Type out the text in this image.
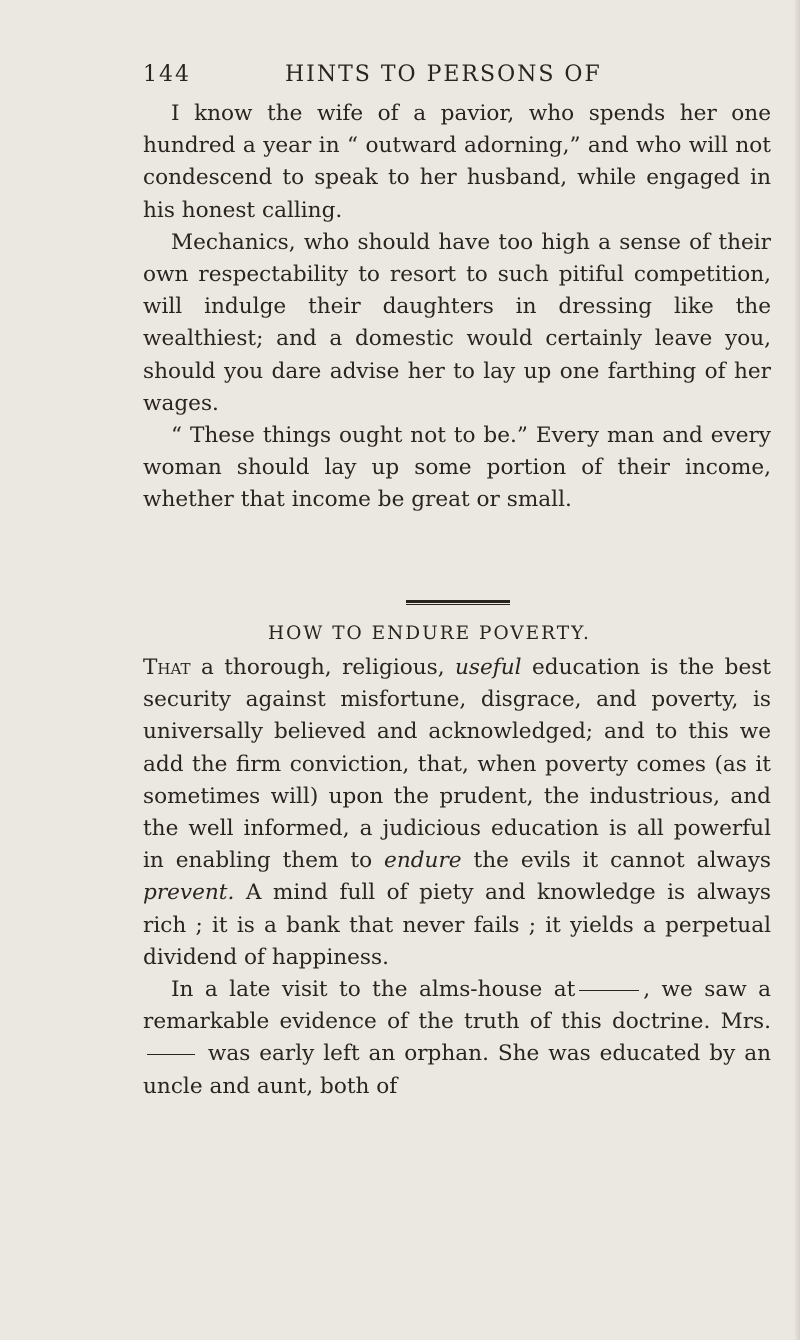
144	HINTS TO PERSONS OF

I know the wife of a pavior, who spends her one hundred a year in “ outward adorning,” and who will not condescend to speak to her husband, while engaged in his honest calling.

Mechanics, who should have too high a sense of their own respectability to resort to such pitiful competition, will indulge their daughters in dressing like the wealthiest; and a domestic would certainly leave you, should you dare advise her to lay up one farthing of her wages.

“ These things ought not to be.” Every man and every woman should lay up some portion of their income, whether that income be great or small.

HOW TO ENDURE POVERTY.

That a thorough, religious, useful education is the best security against misfortune, disgrace, and poverty, is universally believed and acknowledged; and to this we add the firm conviction, that, when poverty comes (as it sometimes will) upon the prudent, the industrious, and the well informed, a judicious education is all powerful in enabling them to endure the evils it cannot always prevent. A mind full of piety and knowledge is always rich ; it is a bank that never fails ; it yields a perpetual dividend of happiness.

In a late visit to the alms-house at	, we saw a remarkable evidence of the truth of this doctrine. Mrs.  was early left an orphan. She was educated by an uncle and aunt, both of
